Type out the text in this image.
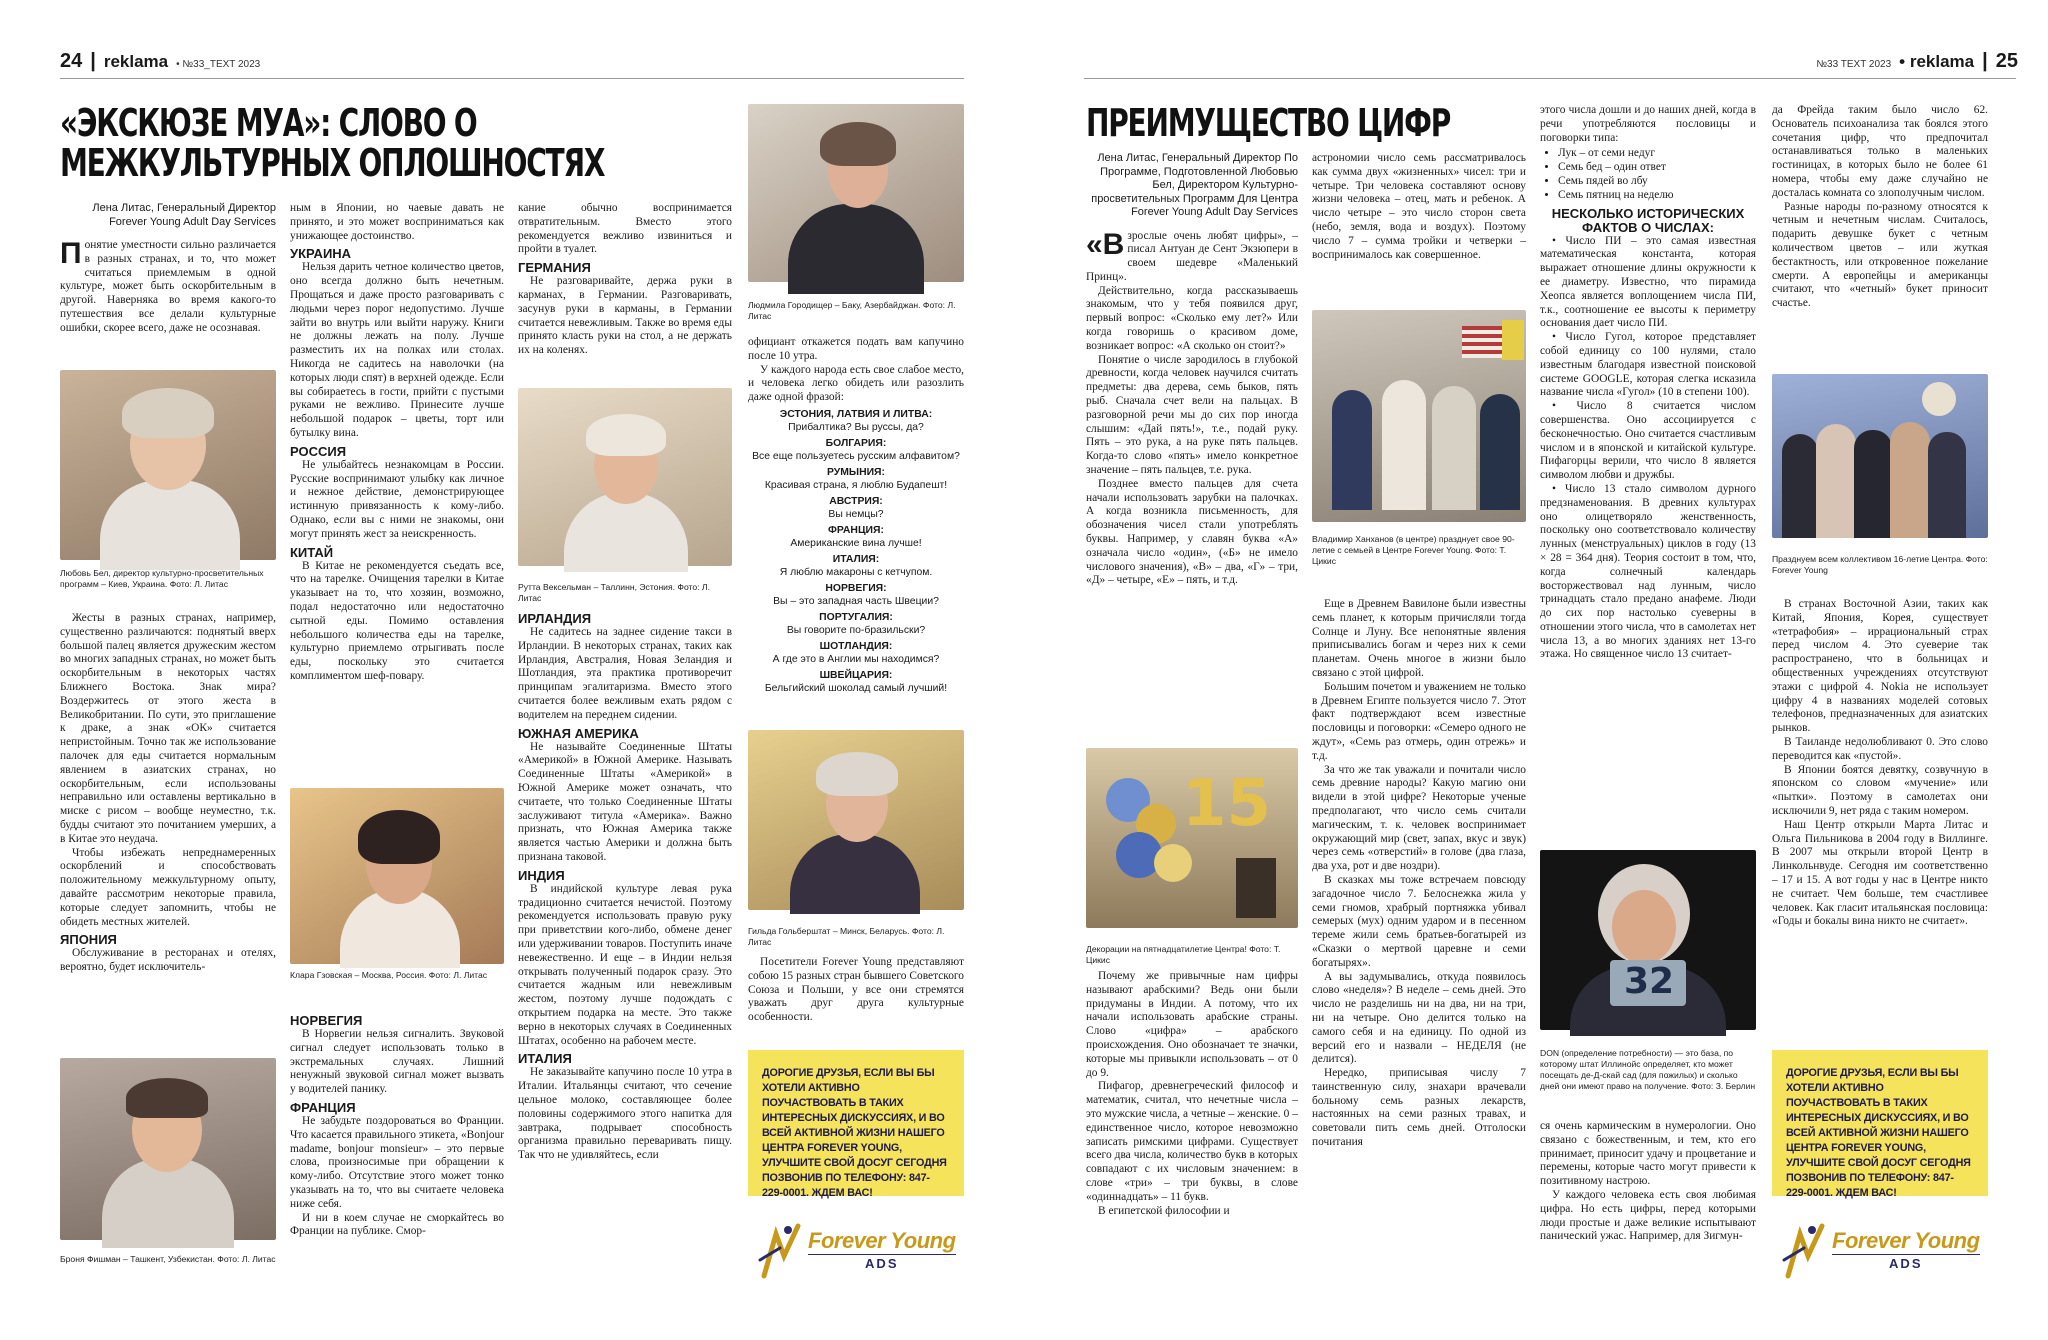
24 | reklama • №33_TEXT 2023
«ЭКСКЮЗЕ МУА»: СЛОВО О МЕЖКУЛЬТУРНЫХ ОПЛОШНОСТЯХ
Лена Литас, Генеральный Директор Forever Young Adult Day Services

Понятие уместности сильно различается в разных странах, и то, что может считаться приемлемым в одной культуре, может быть оскорбительным в другой. Наверняка во время какого-то путешествия все делали культурные ошибки, скорее всего, даже не осознавая.

Любовь Бел, директор культурно-просветительных программ – Киев, Украина. Фото: Л. Литас

Жесты в разных странах, например, существенно различаются: поднятый вверх большой палец является дружеским жестом во многих западных странах, но может быть оскорбительным в некоторых частях Ближнего Востока. Знак мира? Воздержитесь от этого жеста в Великобритании. По сути, это приглашение к драке, а знак «ОК» считается непристойным. Точно так же использование палочек для еды считается нормальным явлением в азиатских странах, но оскорбительным, если использованы неправильно или оставлены вертикально в миске с рисом – вообще неуместно, т.к. будды считают это почитанием умерших, а в Китае это неудача.

Чтобы избежать непреднамеренных оскорблений и способствовать положительному межкультурному опыту, давайте рассмотрим некоторые правила, которые следует запомнить, чтобы не обидеть местных жителей.

ЯПОНИЯ

Обслуживание в ресторанах и отелях, вероятно, будет исключитель-

Броня Фишман – Ташкент, Узбекистан. Фото: Л. Литас

ным в Японии, но чаевые давать не принято, и это может восприниматься как унижающее достоинство.

УКРАИНА

Нельзя дарить четное количество цветов, оно всегда должно быть нечетным. Прощаться и даже просто разговаривать с людьми через порог недопустимо. Лучше зайти во внутрь или выйти наружу. Книги не должны лежать на полу. Лучше разместить их на полках или столах. Никогда не садитесь на наволочки (на которых люди спят) в верхней одежде. Если вы собираетесь в гости, прийти с пустыми руками не вежливо. Принесите лучше небольшой подарок – цветы, торт или бутылку вина.

РОССИЯ

Не улыбайтесь незнакомцам в России. Русские воспринимают улыбку как личное и нежное действие, демонстрирующее истинную привязанность к кому-либо. Однако, если вы с ними не знакомы, они могут принять жест за неискренность.

КИТАЙ

В Китае не рекомендуется съедать все, что на тарелке. Очищения тарелки в Китае указывает на то, что хозяин, возможно, подал недостаточно или недостаточно сытной еды. Помимо оставления небольшого количества еды на тарелке, культурно приемлемо отрыгивать после еды, поскольку это считается комплиментом шеф-повару.

Клара Гзовская – Москва, Россия. Фото: Л. Литас
НОРВЕГИЯ

В Норвегии нельзя сигналить. Звуковой сигнал следует использовать только в экстремальных случаях. Лишний ненужный звуковой сигнал может вызвать у водителей панику.

ФРАНЦИЯ

Не забудьте поздороваться во Франции. Что касается правильного этикета, «Bonjour madame, bonjour monsieur» – это первые слова, произносимые при обращении к кому-либо. Отсутствие этого может тонко указывать на то, что вы считаете человека ниже себя.

И ни в коем случае не сморкайтесь во Франции на публике. Смор-

кание обычно воспринимается отвратительным. Вместо этого рекомендуется вежливо извиниться и пройти в туалет.

ГЕРМАНИЯ

Не разговаривайте, держа руки в карманах, в Германии. Разговаривать, засунув руки в карманы, в Германии считается невежливым. Также во время еды принято класть руки на стол, а не держать их на коленях.

Рутта Вексельман – Таллинн, Эстония. Фото: Л. Литас
ИРЛАНДИЯ

Не садитесь на заднее сидение такси в Ирландии. В некоторых странах, таких как Ирландия, Австралия, Новая Зеландия и Шотландия, эта практика противоречит принципам эгалитаризма. Вместо этого считается более вежливым ехать рядом с водителем на переднем сидении.

ЮЖНАЯ АМЕРИКА

Не называйте Соединенные Штаты «Америкой» в Южной Америке. Называть Соединенные Штаты «Америкой» в Южной Америке может означать, что считаете, что только Соединенные Штаты заслуживают титула «Америка». Важно признать, что Южная Америка также является частью Америки и должна быть признана таковой.

ИНДИЯ

В индийской культуре левая рука традиционно считается нечистой. Поэтому рекомендуется использовать правую руку при приветствии кого-либо, обмене денег или удерживании товаров. Поступить иначе невежественно. И еще – в Индии нельзя открывать полученный подарок сразу. Это считается жадным или невежливым жестом, поэтому лучше подождать с открытием подарка на месте. Это также верно в некоторых случаях в Соединенных Штатах, особенно на рабочем месте.

ИТАЛИЯ

Не заказывайте капучино после 10 утра в Италии. Итальянцы считают, что сечение цельное молоко, составляющее более половины содержимого этого напитка для завтрака, подрывает способность организма правильно переваривать пищу. Так что не удивляйтесь, если

Людмила Городищер – Баку, Азербайджан. Фото: Л. Литас

официант откажется подать вам капучино после 10 утра.

У каждого народа есть свое слабое место, и человека легко обидеть или разозлить даже одной фразой:

ЭСТОНИЯ, ЛАТВИЯ И ЛИТВА:
Прибалтика? Вы руссы, да?
БОЛГАРИЯ:
Все еще пользуетесь русским алфавитом?
РУМЫНИЯ:
Красивая страна, я люблю Будапешт!
АВСТРИЯ:
Вы немцы?
ФРАНЦИЯ:
Американские вина лучше!
ИТАЛИЯ:
Я люблю макароны с кетчупом.
НОРВЕГИЯ:
Вы – это западная часть Швеции?
ПОРТУГАЛИЯ:
Вы говорите по-бразильски?
ШОТЛАНДИЯ:
А где это в Англии мы находимся?
ШВЕЙЦАРИЯ:
Бельгийский шоколад самый лучший!
Гильда Гольберштат – Минск, Беларусь. Фото: Л. Литас

Посетители Forever Young представляют собою 15 разных стран бывшего Советского Союза и Польши, у все они стремятся уважать друг друга культурные особенности.

ДОРОГИЕ ДРУЗЬЯ, ЕСЛИ ВЫ БЫ ХОТЕЛИ АКТИВНО ПОУЧАСТВОВАТЬ В ТАКИХ ИНТЕРЕСНЫХ ДИСКУССИЯХ, И ВО ВСЕЙ АКТИВНОЙ ЖИЗНИ НАШЕГО ЦЕНТРА FOREVER YOUNG, УЛУЧШИТЕ СВОЙ ДОСУГ СЕГОДНЯ ПОЗВОНИВ ПО ТЕЛЕФОНУ: 847-229-0001. ЖДЕМ ВАС!
Forever Young
ADS
№33 TEXT 2023 • reklama | 25
ПРЕИМУЩЕСТВО ЦИФР
Лена Литас, Генеральный Директор По Программе, Подготовленной Любовью Бел, Директором Культурно-просветительных Программ Для Центра Forever Young Adult Day Services

«Взрослые очень любят цифры», – писал Антуан де Сент Экзюпери в своем шедевре «Маленький Принц».

Действительно, когда рассказываешь знакомым, что у тебя появился друг, первый вопрос: «Сколько ему лет?» Или когда говоришь о красивом доме, возникает вопрос: «А сколько он стоит?»

Понятие о числе зародилось в глубокой древности, когда человек научился считать предметы: два дерева, семь быков, пять рыб. Сначала счет вели на пальцах. В разговорной речи мы до сих пор иногда слышим: «Дай пять!», т.е., подай руку. Пять – это рука, а на руке пять пальцев. Когда-то слово «пять» имело конкретное значение – пять пальцев, т.е. рука.

Позднее вместо пальцев для счета начали использовать зарубки на палочках. А когда возникла письменность, для обозначения чисел стали употреблять буквы. Например, у славян буква «А» означала число «один», («Б» не имело числового значения), «В» – два, «Г» – три, «Д» – четыре, «Е» – пять, и т.д.

15
Декорации на пятнадцатилетие Центра! Фото: Т. Цикис

Почему же привычные нам цифры называют арабскими? Ведь они были придуманы в Индии. А потому, что их начали использовать арабские страны. Слово «цифра» – арабского происхождения. Оно обозначает те значки, которые мы привыкли использовать – от 0 до 9.

Пифагор, древнегреческий философ и математик, считал, что нечетные числа – это мужские числа, а четные – женские. 0 – единственное число, которое невозможно записать римскими цифрами. Существует всего два числа, количество букв в которых совпадают с их числовым значением: в слове «три» – три буквы, в слове «одиннадцать» – 11 букв.

В египетской философии и

астрономии число семь рассматривалось как сумма двух «жизненных» чисел: три и четыре. Три человека составляют основу жизни человека – отец, мать и ребенок. А число четыре – это число сторон света (небо, земля, вода и воздух). Поэтому число 7 – сумма тройки и четверки – воспринималось как совершенное.

Владимир Ханханов (в центре) празднует свое 90-летие с семьей в Центре Forever Young. Фото: Т. Цикис

Еще в Древнем Вавилоне были известны семь планет, к которым причисляли тогда Солнце и Луну. Все непонятные явления приписывались богам и через них к семи планетам. Очень многое в жизни было связано с этой цифрой.

Большим почетом и уважением не только в Древнем Египте пользуется число 7. Этот факт подтверждают всем известные пословицы и поговорки: «Семеро одного не ждут», «Семь раз отмерь, один отрежь» и т.д.

За что же так уважали и почитали число семь древние народы? Какую магию они видели в этой цифре? Некоторые ученые предполагают, что число семь считали магическим, т. к. человек воспринимает окружающий мир (свет, запах, вкус и звук) через семь «отверстий» в голове (два глаза, два уха, рот и две ноздри).

В сказках мы тоже встречаем повсюду загадочное число 7. Белоснежка жила у семи гномов, храбрый портняжка убивал семерых (мух) одним ударом и в песенном тереме жили семь братьев-богатырей из «Сказки о мертвой царевне и семи богатырях».

А вы задумывались, откуда появилось слово «неделя»? В неделе – семь дней. Это число не разделишь ни на два, ни на три, ни на четыре. Оно делится только на самого себя и на единицу. По одной из версий его и назвали – НЕДЕЛЯ (не делится).

Нередко, приписывая числу 7 таинственную силу, знахари врачевали больному семь разных лекарств, настоянных на семи разных травах, и советовали пить семь дней. Отголоски почитания

этого числа дошли и до наших дней, когда в речи употребляются пословицы и поговорки типа:

• Лук – от семи недуг
• Семь бед – один ответ
• Семь пядей во лбу
• Семь пятниц на неделю
НЕСКОЛЬКО ИСТОРИЧЕСКИХ ФАКТОВ О ЧИСЛАХ:

• Число ПИ – это самая известная математическая константа, которая выражает отношение длины окружности к ее диаметру. Известно, что пирамида Хеопса является воплощением числа ПИ, т.к., соотношение ее высоты к периметру основания дает число ПИ.

• Число Гугол, которое представляет собой единицу со 100 нулями, стало известным благодаря известной поисковой системе GOOGLE, которая слегка исказила название числа «Гугол» (10 в степени 100).

• Число 8 считается числом совершенства. Оно ассоциируется с бесконечностью. Оно считается счастливым числом и в японской и китайской культуре. Пифагорцы верили, что число 8 является символом любви и дружбы.

• Число 13 стало символом дурного предзнаменования. В древних культурах оно олицетворяло женственность, поскольку оно соответствовало количеству лунных (менструальных) циклов в году (13 × 28 = 364 дня). Теория состоит в том, что, когда солнечный календарь восторжествовал над лунным, число тринадцать стало предано анафеме. Люди до сих пор настолько суеверны в отношении этого числа, что в самолетах нет числа 13, а во многих зданиях нет 13-го этажа. Но священное число 13 считает-

32
DON (определение потребности) — это база, по которому штат Иллинойс определяет, кто может посещать дe-Д-скай сад (для пожилых) и сколько дней они имеют право на получение. Фото: З. Берлин

ся очень кармическим в нумерологии. Оно связано с божественным, и тем, кто его принимает, приносит удачу и процветание и перемены, которые часто могут привести к позитивному настрою.

У каждого человека есть своя любимая цифра. Но есть цифры, перед которыми люди простые и даже великие испытывают панический ужас. Например, для Зигмун-

да Фрейда таким было число 62. Основатель психоанализа так боялся этого сочетания цифр, что предпочитал останавливаться только в маленьких гостиницах, в которых было не более 61 номера, чтобы ему даже случайно не досталась комната со злополучным числом.

Разные народы по-разному относятся к четным и нечетным числам. Считалось, подарить девушке букет с четным количеством цветов – или жуткая бестактность, или откровенное пожелание смерти. А европейцы и американцы считают, что «четный» букет приносит счастье.

Празднуем всем коллективом 16-летие Центра. Фото: Forever Young

В странах Восточной Азии, таких как Китай, Япония, Корея, существует «тетрафобия» – иррациональный страх перед числом 4. Это суеверие так распространено, что в больницах и общественных учреждениях отсутствуют этажи с цифрой 4. Nokia не использует цифру 4 в названиях моделей сотовых телефонов, предназначенных для азиатских рынков.

В Таиланде недолюбливают 0. Это слово переводится как «пустой».

В Японии боятся девятку, созвучную в японском со словом «мучение» или «пытки». Поэтому в самолетах они исключили 9, нет ряда с таким номером.

Наш Центр открыли Марта Литас и Ольга Пильникова в 2004 году в Виллинге. В 2007 мы открыли второй Центр в Линкольнвуде. Сегодня им соответственно – 17 и 15. А вот годы у нас в Центре никто не считает. Чем больше, тем счастливее человек. Как гласит итальянская пословица: «Годы и бокалы вина никто не считает».

ДОРОГИЕ ДРУЗЬЯ, ЕСЛИ ВЫ БЫ ХОТЕЛИ АКТИВНО ПОУЧАСТВОВАТЬ В ТАКИХ ИНТЕРЕСНЫХ ДИСКУССИЯХ, И ВО ВСЕЙ АКТИВНОЙ ЖИЗНИ НАШЕГО ЦЕНТРА FOREVER YOUNG, УЛУЧШИТЕ СВОЙ ДОСУГ СЕГОДНЯ ПОЗВОНИВ ПО ТЕЛЕФОНУ: 847-229-0001. ЖДЕМ ВАС!
Forever Young
ADS
